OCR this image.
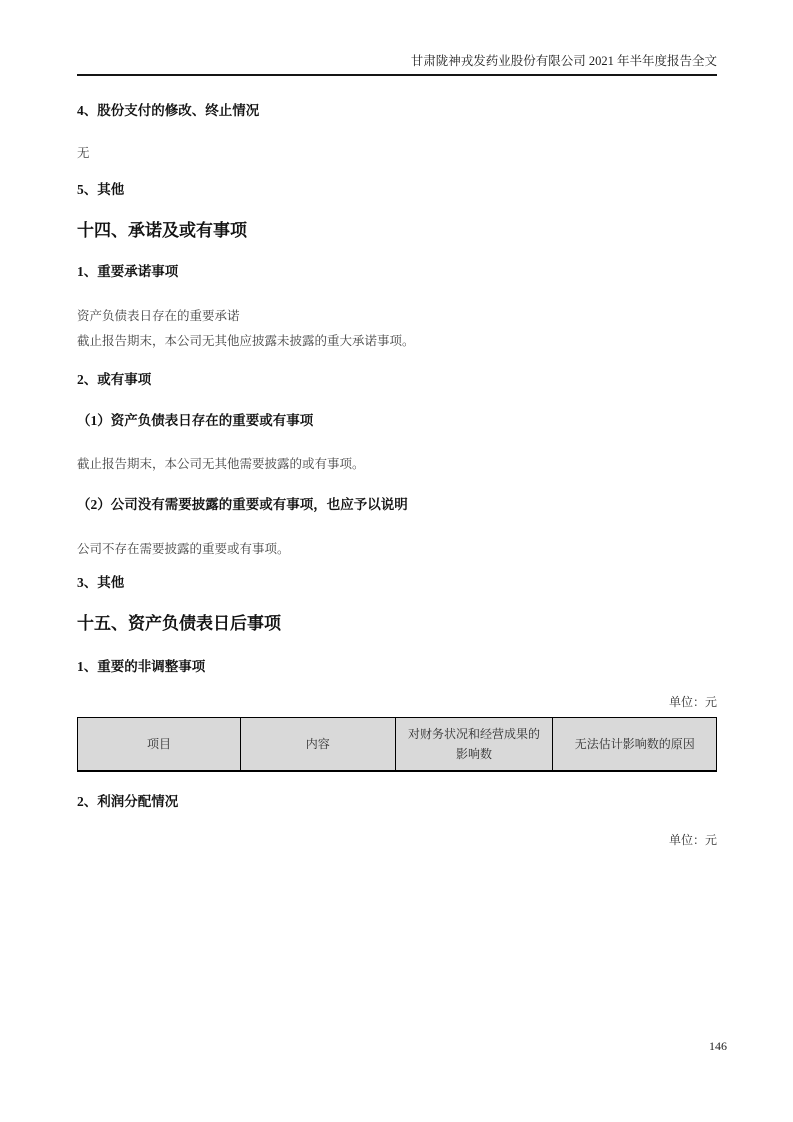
甘肃陇神戎发药业股份有限公司 2021 年半年度报告全文
4、股份支付的修改、终止情况

无

5、其他
十四、承诺及或有事项
1、重要承诺事项

资产负债表日存在的重要承诺

截止报告期末，本公司无其他应披露未披露的重大承诺事项。

2、或有事项
（1）资产负债表日存在的重要或有事项

截止报告期末，本公司无其他需要披露的或有事项。

（2）公司没有需要披露的重要或有事项，也应予以说明

公司不存在需要披露的重要或有事项。

3、其他
十五、资产负债表日后事项
1、重要的非调整事项

单位：元

项目	内容	对财务状况和经营成果的影响数	无法估计影响数的原因
2、利润分配情况

单位：元

146
